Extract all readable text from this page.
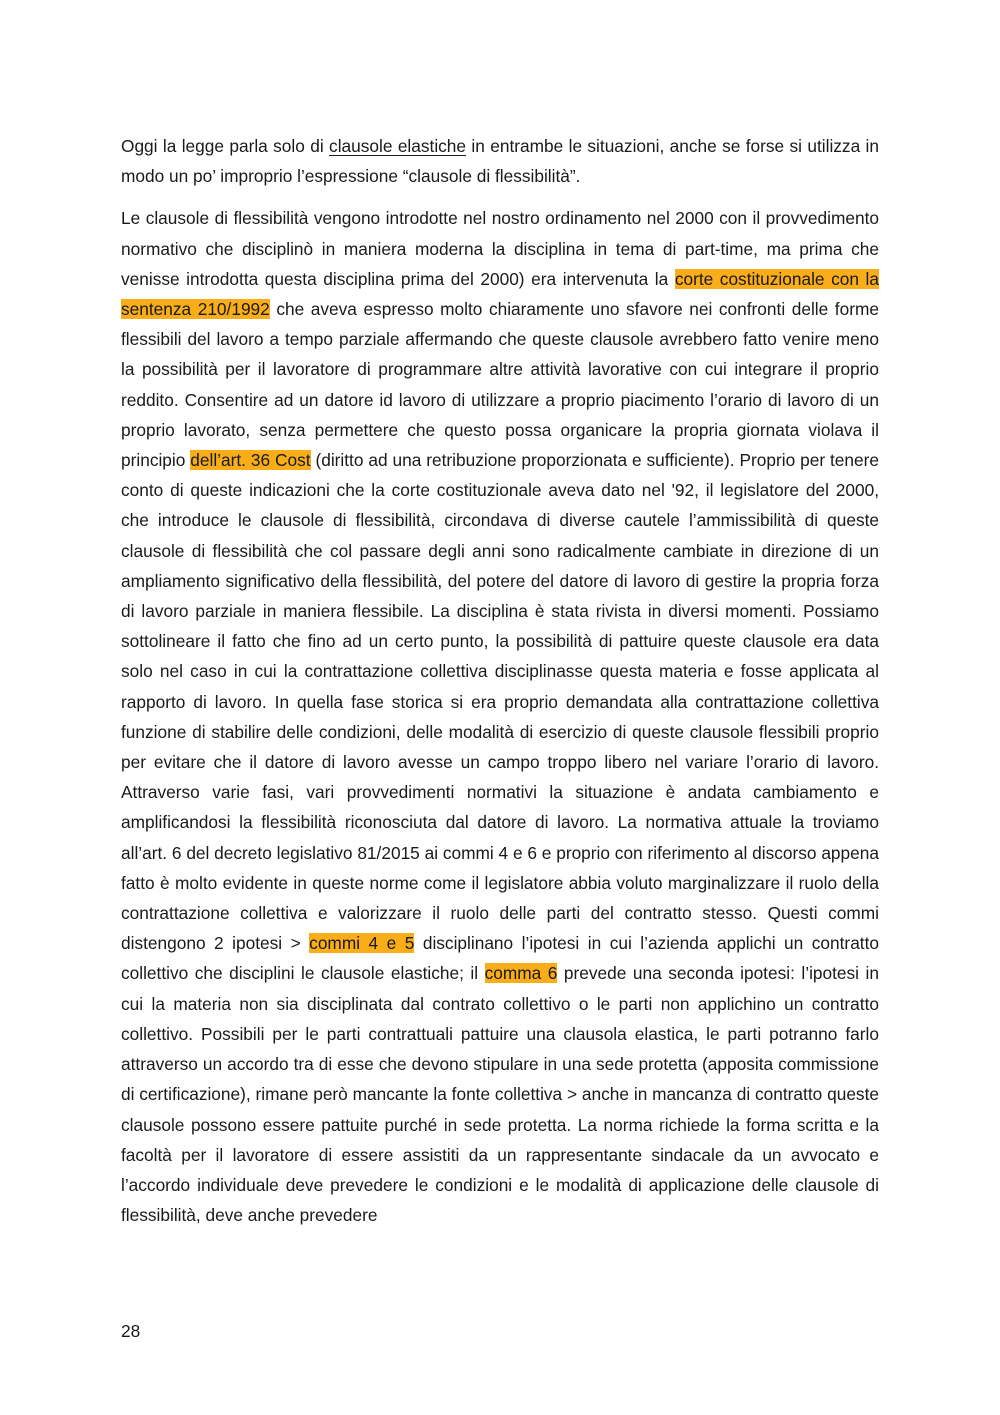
Oggi la legge parla solo di clausole elastiche in entrambe le situazioni, anche se forse si utilizza in modo un po’ improprio l’espressione “clausole di flessibilità”.

Le clausole di flessibilità vengono introdotte nel nostro ordinamento nel 2000 con il provvedimento normativo che disciplinò in maniera moderna la disciplina in tema di part-time, ma prima che venisse introdotta questa disciplina prima del 2000) era intervenuta la corte costituzionale con la sentenza 210/1992 che aveva espresso molto chiaramente uno sfavore nei confronti delle forme flessibili del lavoro a tempo parziale affermando che queste clausole avrebbero fatto venire meno la possibilità per il lavoratore di programmare altre attività lavorative con cui integrare il proprio reddito. Consentire ad un datore id lavoro di utilizzare a proprio piacimento l’orario di lavoro di un proprio lavorato, senza permettere che questo possa organicare la propria giornata violava il principio dell’art. 36 Cost (diritto ad una retribuzione proporzionata e sufficiente). Proprio per tenere conto di queste indicazioni che la corte costituzionale aveva dato nel '92, il legislatore del 2000, che introduce le clausole di flessibilità, circondava di diverse cautele l’ammissibilità di queste clausole di flessibilità che col passare degli anni sono radicalmente cambiate in direzione di un ampliamento significativo della flessibilità, del potere del datore di lavoro di gestire la propria forza di lavoro parziale in maniera flessibile. La disciplina è stata rivista in diversi momenti. Possiamo sottolineare il fatto che fino ad un certo punto, la possibilità di pattuire queste clausole era data solo nel caso in cui la contrattazione collettiva disciplinasse questa materia e fosse applicata al rapporto di lavoro. In quella fase storica si era proprio demandata alla contrattazione collettiva funzione di stabilire delle condizioni, delle modalità di esercizio di queste clausole flessibili proprio per evitare che il datore di lavoro avesse un campo troppo libero nel variare l’orario di lavoro. Attraverso varie fasi, vari provvedimenti normativi la situazione è andata cambiamento e amplificandosi la flessibilità riconosciuta dal datore di lavoro. La normativa attuale la troviamo all’art. 6 del decreto legislativo 81/2015 ai commi 4 e 6 e proprio con riferimento al discorso appena fatto è molto evidente in queste norme come il legislatore abbia voluto marginalizzare il ruolo della contrattazione collettiva e valorizzare il ruolo delle parti del contratto stesso. Questi commi distengono 2 ipotesi > commi 4 e 5 disciplinano l’ipotesi in cui l’azienda applichi un contratto collettivo che disciplini le clausole elastiche; il comma 6 prevede una seconda ipotesi: l’ipotesi in cui la materia non sia disciplinata dal contrato collettivo o le parti non applichino un contratto collettivo. Possibili per le parti contrattuali pattuire una clausola elastica, le parti potranno farlo attraverso un accordo tra di esse che devono stipulare in una sede protetta (apposita commissione di certificazione), rimane però mancante la fonte collettiva > anche in mancanza di contratto queste clausole possono essere pattuite purché in sede protetta. La norma richiede la forma scritta e la facoltà per il lavoratore di essere assistiti da un rappresentante sindacale da un avvocato e l’accordo individuale deve prevedere le condizioni e le modalità di applicazione delle clausole di flessibilità, deve anche prevedere

28
